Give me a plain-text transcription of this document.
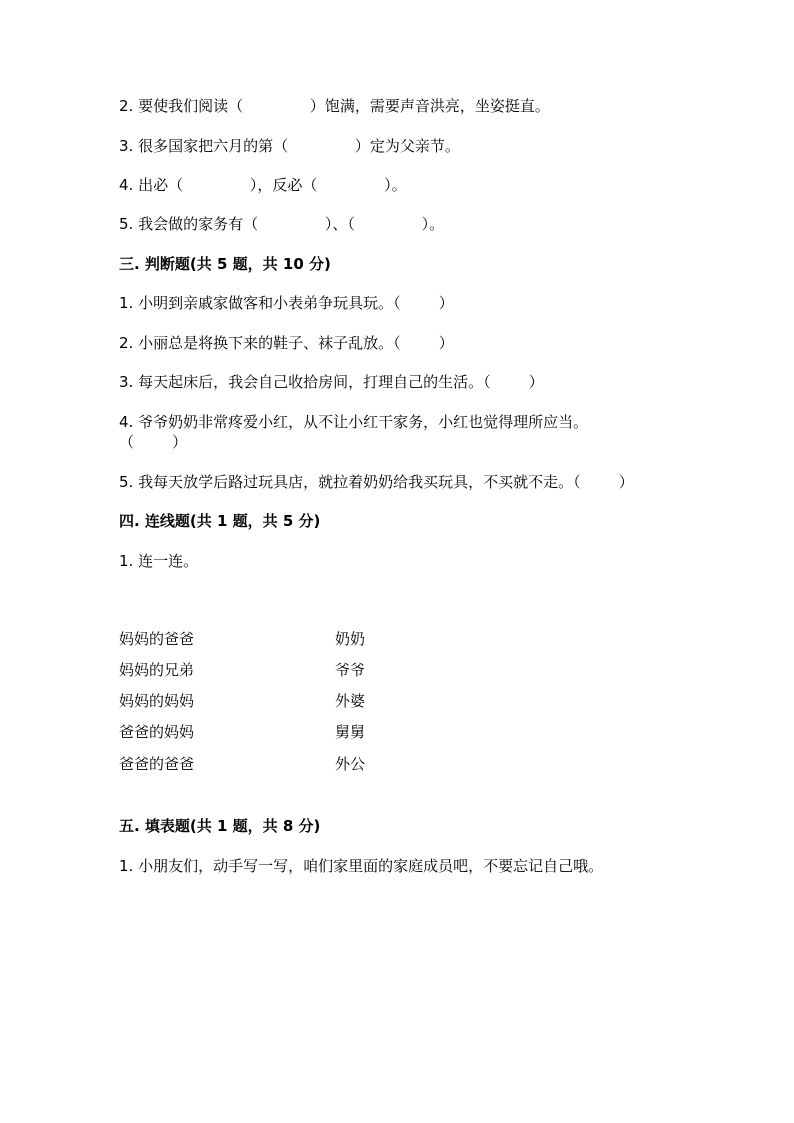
2. 要使我们阅读（              ）饱满，需要声音洪亮，坐姿挺直。
3. 很多国家把六月的第（              ）定为父亲节。
4. 出必（              ），反必（              ）。
5. 我会做的家务有（              ）、（              ）。
三. 判断题(共 5 题，共 10 分)
1. 小明到亲戚家做客和小表弟争玩具玩。（        ）
2. 小丽总是将换下来的鞋子、袜子乱放。（        ）
3. 每天起床后，我会自己收拾房间，打理自己的生活。（        ）
4. 爷爷奶奶非常疼爱小红，从不让小红干家务，小红也觉得理所应当。
（        ）
5. 我每天放学后路过玩具店，就拉着奶奶给我买玩具，不买就不走。（        ）
四. 连线题(共 1 题，共 5 分)
1. 连一连。
妈妈的爸爸
妈妈的兄弟
妈妈的妈妈
爸爸的妈妈
爸爸的爸爸
奶奶
爷爷
外婆
舅舅
外公
五. 填表题(共 1 题，共 8 分)
1. 小朋友们，动手写一写，咱们家里面的家庭成员吧，不要忘记自己哦。
